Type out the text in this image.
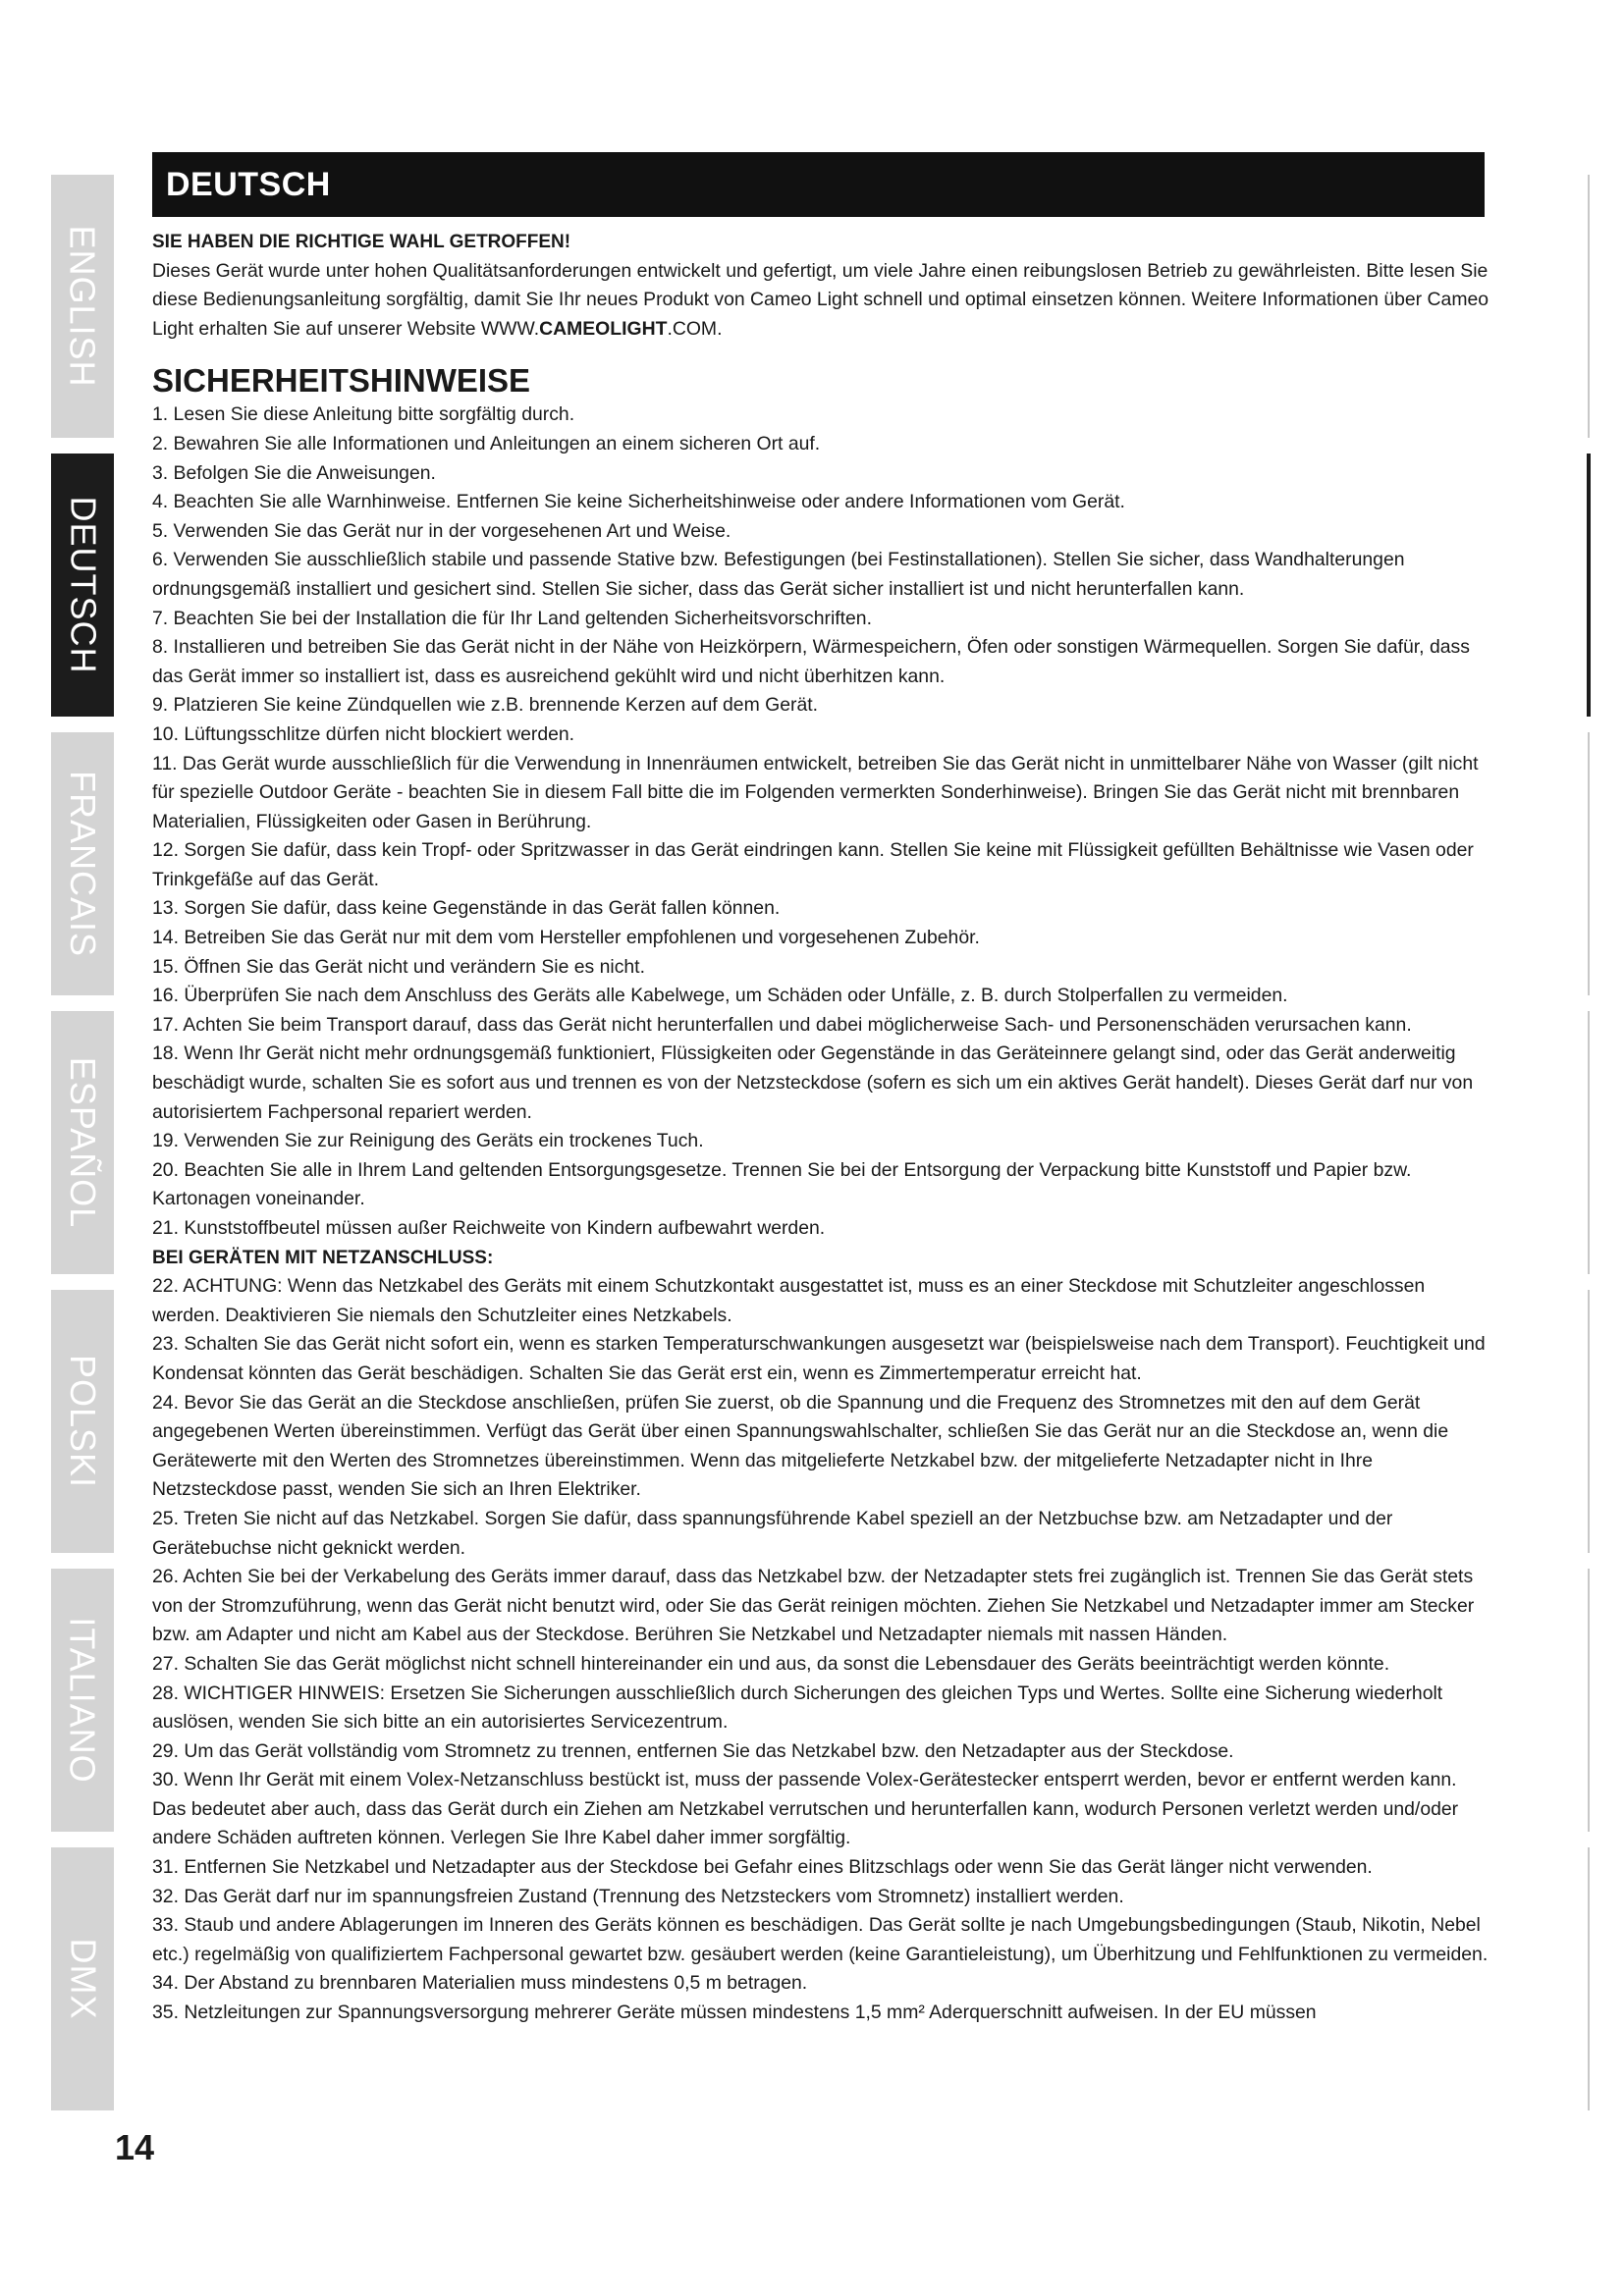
ENGLISH
DEUTSCH
FRANCAIS
ESPAÑOL
POLSKI
ITALIANO
DMX
DEUTSCH

SIE HABEN DIE RICHTIGE WAHL GETROFFEN!

Dieses Gerät wurde unter hohen Qualitätsanforderungen entwickelt und gefertigt, um viele Jahre einen reibungslosen Betrieb zu gewährleisten. Bitte lesen Sie diese Bedienungsanleitung sorgfältig, damit Sie Ihr neues Produkt von Cameo Light schnell und optimal einsetzen können. Weitere Informationen über Cameo Light erhalten Sie auf unserer Website WWW.CAMEOLIGHT.COM.

SICHERHEITSHINWEISE

1. Lesen Sie diese Anleitung bitte sorgfältig durch.

2. Bewahren Sie alle Informationen und Anleitungen an einem sicheren Ort auf.

3. Befolgen Sie die Anweisungen.

4. Beachten Sie alle Warnhinweise. Entfernen Sie keine Sicherheitshinweise oder andere Informationen vom Gerät.

5. Verwenden Sie das Gerät nur in der vorgesehenen Art und Weise.

6. Verwenden Sie ausschließlich stabile und passende Stative bzw. Befestigungen (bei Festinstallationen). Stellen Sie sicher, dass Wandhalterungen ordnungsgemäß installiert und gesichert sind. Stellen Sie sicher, dass das Gerät sicher installiert ist und nicht herunterfallen kann.

7. Beachten Sie bei der Installation die für Ihr Land geltenden Sicherheitsvorschriften.

8. Installieren und betreiben Sie das Gerät nicht in der Nähe von Heizkörpern, Wärmespeichern, Öfen oder sonstigen Wärmequellen. Sorgen Sie dafür, dass das Gerät immer so installiert ist, dass es ausreichend gekühlt wird und nicht überhitzen kann.

9. Platzieren Sie keine Zündquellen wie z.B. brennende Kerzen auf dem Gerät.

10. Lüftungsschlitze dürfen nicht blockiert werden.

11. Das Gerät wurde ausschließlich für die Verwendung in Innenräumen entwickelt, betreiben Sie das Gerät nicht in unmittelbarer Nähe von Wasser (gilt nicht für spezielle Outdoor Geräte - beachten Sie in diesem Fall bitte die im Folgenden vermerkten Sonderhinweise). Bringen Sie das Gerät nicht mit brennbaren Materialien, Flüssigkeiten oder Gasen in Berührung.

12. Sorgen Sie dafür, dass kein Tropf- oder Spritzwasser in das Gerät eindringen kann. Stellen Sie keine mit Flüssigkeit gefüllten Behältnisse wie Vasen oder Trinkgefäße auf das Gerät.

13. Sorgen Sie dafür, dass keine Gegenstände in das Gerät fallen können.

14. Betreiben Sie das Gerät nur mit dem vom Hersteller empfohlenen und vorgesehenen Zubehör.

15. Öffnen Sie das Gerät nicht und verändern Sie es nicht.

16. Überprüfen Sie nach dem Anschluss des Geräts alle Kabelwege, um Schäden oder Unfälle, z. B. durch Stolperfallen zu vermeiden.

17. Achten Sie beim Transport darauf, dass das Gerät nicht herunterfallen und dabei möglicherweise Sach- und Personenschäden verursachen kann.

18. Wenn Ihr Gerät nicht mehr ordnungsgemäß funktioniert, Flüssigkeiten oder Gegenstände in das Geräteinnere gelangt sind, oder das Gerät anderweitig beschädigt wurde, schalten Sie es sofort aus und trennen es von der Netzsteckdose (sofern es sich um ein aktives Gerät handelt). Dieses Gerät darf nur von autorisiertem Fachpersonal repariert werden.

19. Verwenden Sie zur Reinigung des Geräts ein trockenes Tuch.

20. Beachten Sie alle in Ihrem Land geltenden Entsorgungsgesetze. Trennen Sie bei der Entsorgung der Verpackung bitte Kunststoff und Papier bzw. Kartonagen voneinander.

21. Kunststoffbeutel müssen außer Reichweite von Kindern aufbewahrt werden.

BEI GERÄTEN MIT NETZANSCHLUSS:

22. ACHTUNG: Wenn das Netzkabel des Geräts mit einem Schutzkontakt ausgestattet ist, muss es an einer Steckdose mit Schutzleiter angeschlossen werden. Deaktivieren Sie niemals den Schutzleiter eines Netzkabels.

23. Schalten Sie das Gerät nicht sofort ein, wenn es starken Temperaturschwankungen ausgesetzt war (beispielsweise nach dem Transport). Feuchtigkeit und Kondensat könnten das Gerät beschädigen. Schalten Sie das Gerät erst ein, wenn es Zimmertemperatur erreicht hat.

24. Bevor Sie das Gerät an die Steckdose anschließen, prüfen Sie zuerst, ob die Spannung und die Frequenz des Stromnetzes mit den auf dem Gerät angegebenen Werten übereinstimmen. Verfügt das Gerät über einen Spannungswahlschalter, schließen Sie das Gerät nur an die Steckdose an, wenn die Gerätewerte mit den Werten des Stromnetzes übereinstimmen. Wenn das mitgelieferte Netzkabel bzw. der mitgelieferte Netzadapter nicht in Ihre Netzsteckdose passt, wenden Sie sich an Ihren Elektriker.

25. Treten Sie nicht auf das Netzkabel. Sorgen Sie dafür, dass spannungsführende Kabel speziell an der Netzbuchse bzw. am Netzadapter und der Gerätebuchse nicht geknickt werden.

26. Achten Sie bei der Verkabelung des Geräts immer darauf, dass das Netzkabel bzw. der Netzadapter stets frei zugänglich ist. Trennen Sie das Gerät stets von der Stromzuführung, wenn das Gerät nicht benutzt wird, oder Sie das Gerät reinigen möchten. Ziehen Sie Netzkabel und Netzadapter immer am Stecker bzw. am Adapter und nicht am Kabel aus der Steckdose. Berühren Sie Netzkabel und Netzadapter niemals mit nassen Händen.

27. Schalten Sie das Gerät möglichst nicht schnell hintereinander ein und aus, da sonst die Lebensdauer des Geräts beeinträchtigt werden könnte.

28. WICHTIGER HINWEIS: Ersetzen Sie Sicherungen ausschließlich durch Sicherungen des gleichen Typs und Wertes. Sollte eine Sicherung wiederholt auslösen, wenden Sie sich bitte an ein autorisiertes Servicezentrum.

29. Um das Gerät vollständig vom Stromnetz zu trennen, entfernen Sie das Netzkabel bzw. den Netzadapter aus der Steckdose.

30. Wenn Ihr Gerät mit einem Volex-Netzanschluss bestückt ist, muss der passende Volex-Gerätestecker entsperrt werden, bevor er entfernt werden kann. Das bedeutet aber auch, dass das Gerät durch ein Ziehen am Netzkabel verrutschen und herunterfallen kann, wodurch Personen verletzt werden und/oder andere Schäden auftreten können. Verlegen Sie Ihre Kabel daher immer sorgfältig.

31. Entfernen Sie Netzkabel und Netzadapter aus der Steckdose bei Gefahr eines Blitzschlags oder wenn Sie das Gerät länger nicht verwenden.

32. Das Gerät darf nur im spannungsfreien Zustand (Trennung des Netzsteckers vom Stromnetz) installiert werden.

33. Staub und andere Ablagerungen im Inneren des Geräts können es beschädigen. Das Gerät sollte je nach Umgebungsbedingungen (Staub, Nikotin, Nebel etc.) regelmäßig von qualifiziertem Fachpersonal gewartet bzw. gesäubert werden (keine Garantieleistung), um Überhitzung und Fehlfunktionen zu vermeiden.

34. Der Abstand zu brennbaren Materialien muss mindestens 0,5 m betragen.

35. Netzleitungen zur Spannungsversorgung mehrerer Geräte müssen mindestens 1,5 mm² Aderquerschnitt aufweisen. In der EU müssen

14
